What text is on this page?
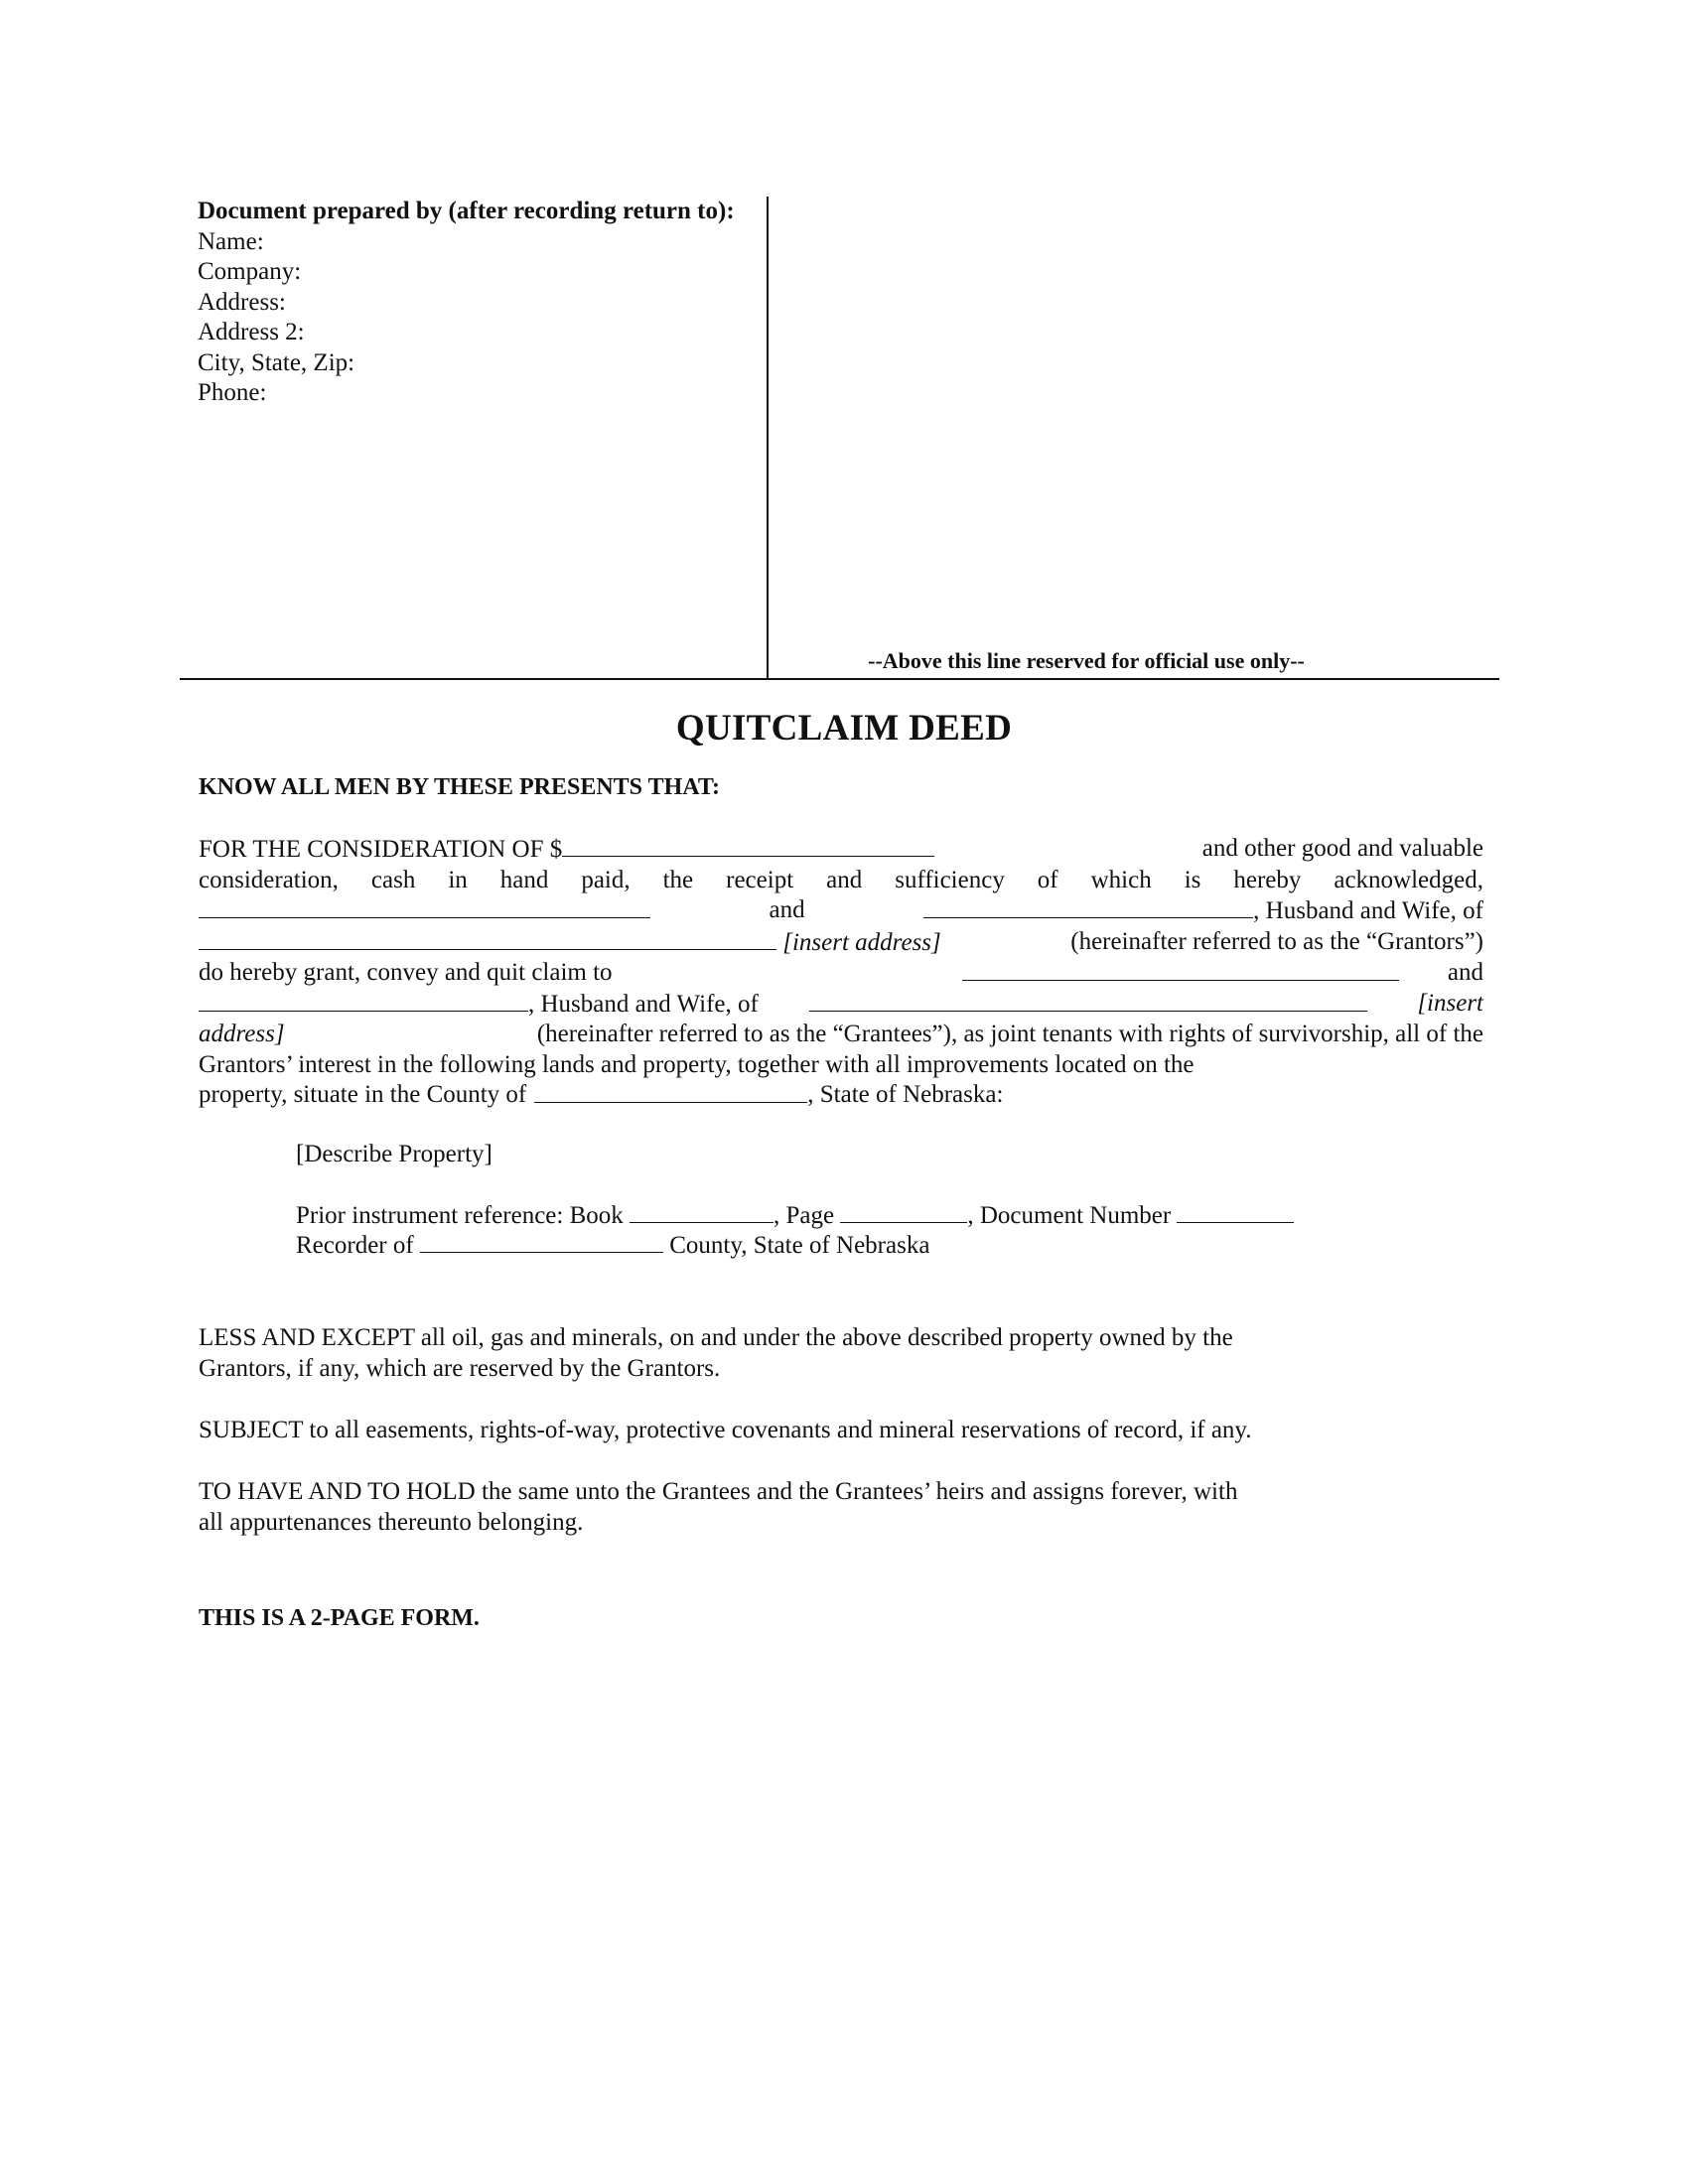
Document prepared by (after recording return to):
Name:
Company:
Address:
Address 2:
City, State, Zip:
Phone:
--Above this line reserved for official use only--
QUITCLAIM DEED
KNOW ALL MEN BY THESE PRESENTS THAT:
FOR THE CONSIDERATION OF $	and other good and valuable
consideration, cash in hand paid, the receipt and sufficiency of which is hereby acknowledged,
and	, Husband and Wife, of
[insert address]	(hereinafter referred to as the “Grantors”)
do hereby grant, convey and quit claim to	and
, Husband and Wife, of	[insert
address]	(hereinafter referred to as the “Grantees”), as joint tenants with rights of survivorship, all of the
Grantors’ interest in the following lands and property, together with all improvements located on the
property, situate in the County of	, State of Nebraska:
[Describe Property]
Prior instrument reference: Book	, Page	, Document Number
Recorder of	County, State of Nebraska
LESS AND EXCEPT all oil, gas and minerals, on and under the above described property owned by the
Grantors, if any, which are reserved by the Grantors.
SUBJECT to all easements, rights-of-way, protective covenants and mineral reservations of record, if any.
TO HAVE AND TO HOLD the same unto the Grantees and the Grantees’ heirs and assigns forever, with
all appurtenances thereunto belonging.
THIS IS A 2-PAGE FORM.
